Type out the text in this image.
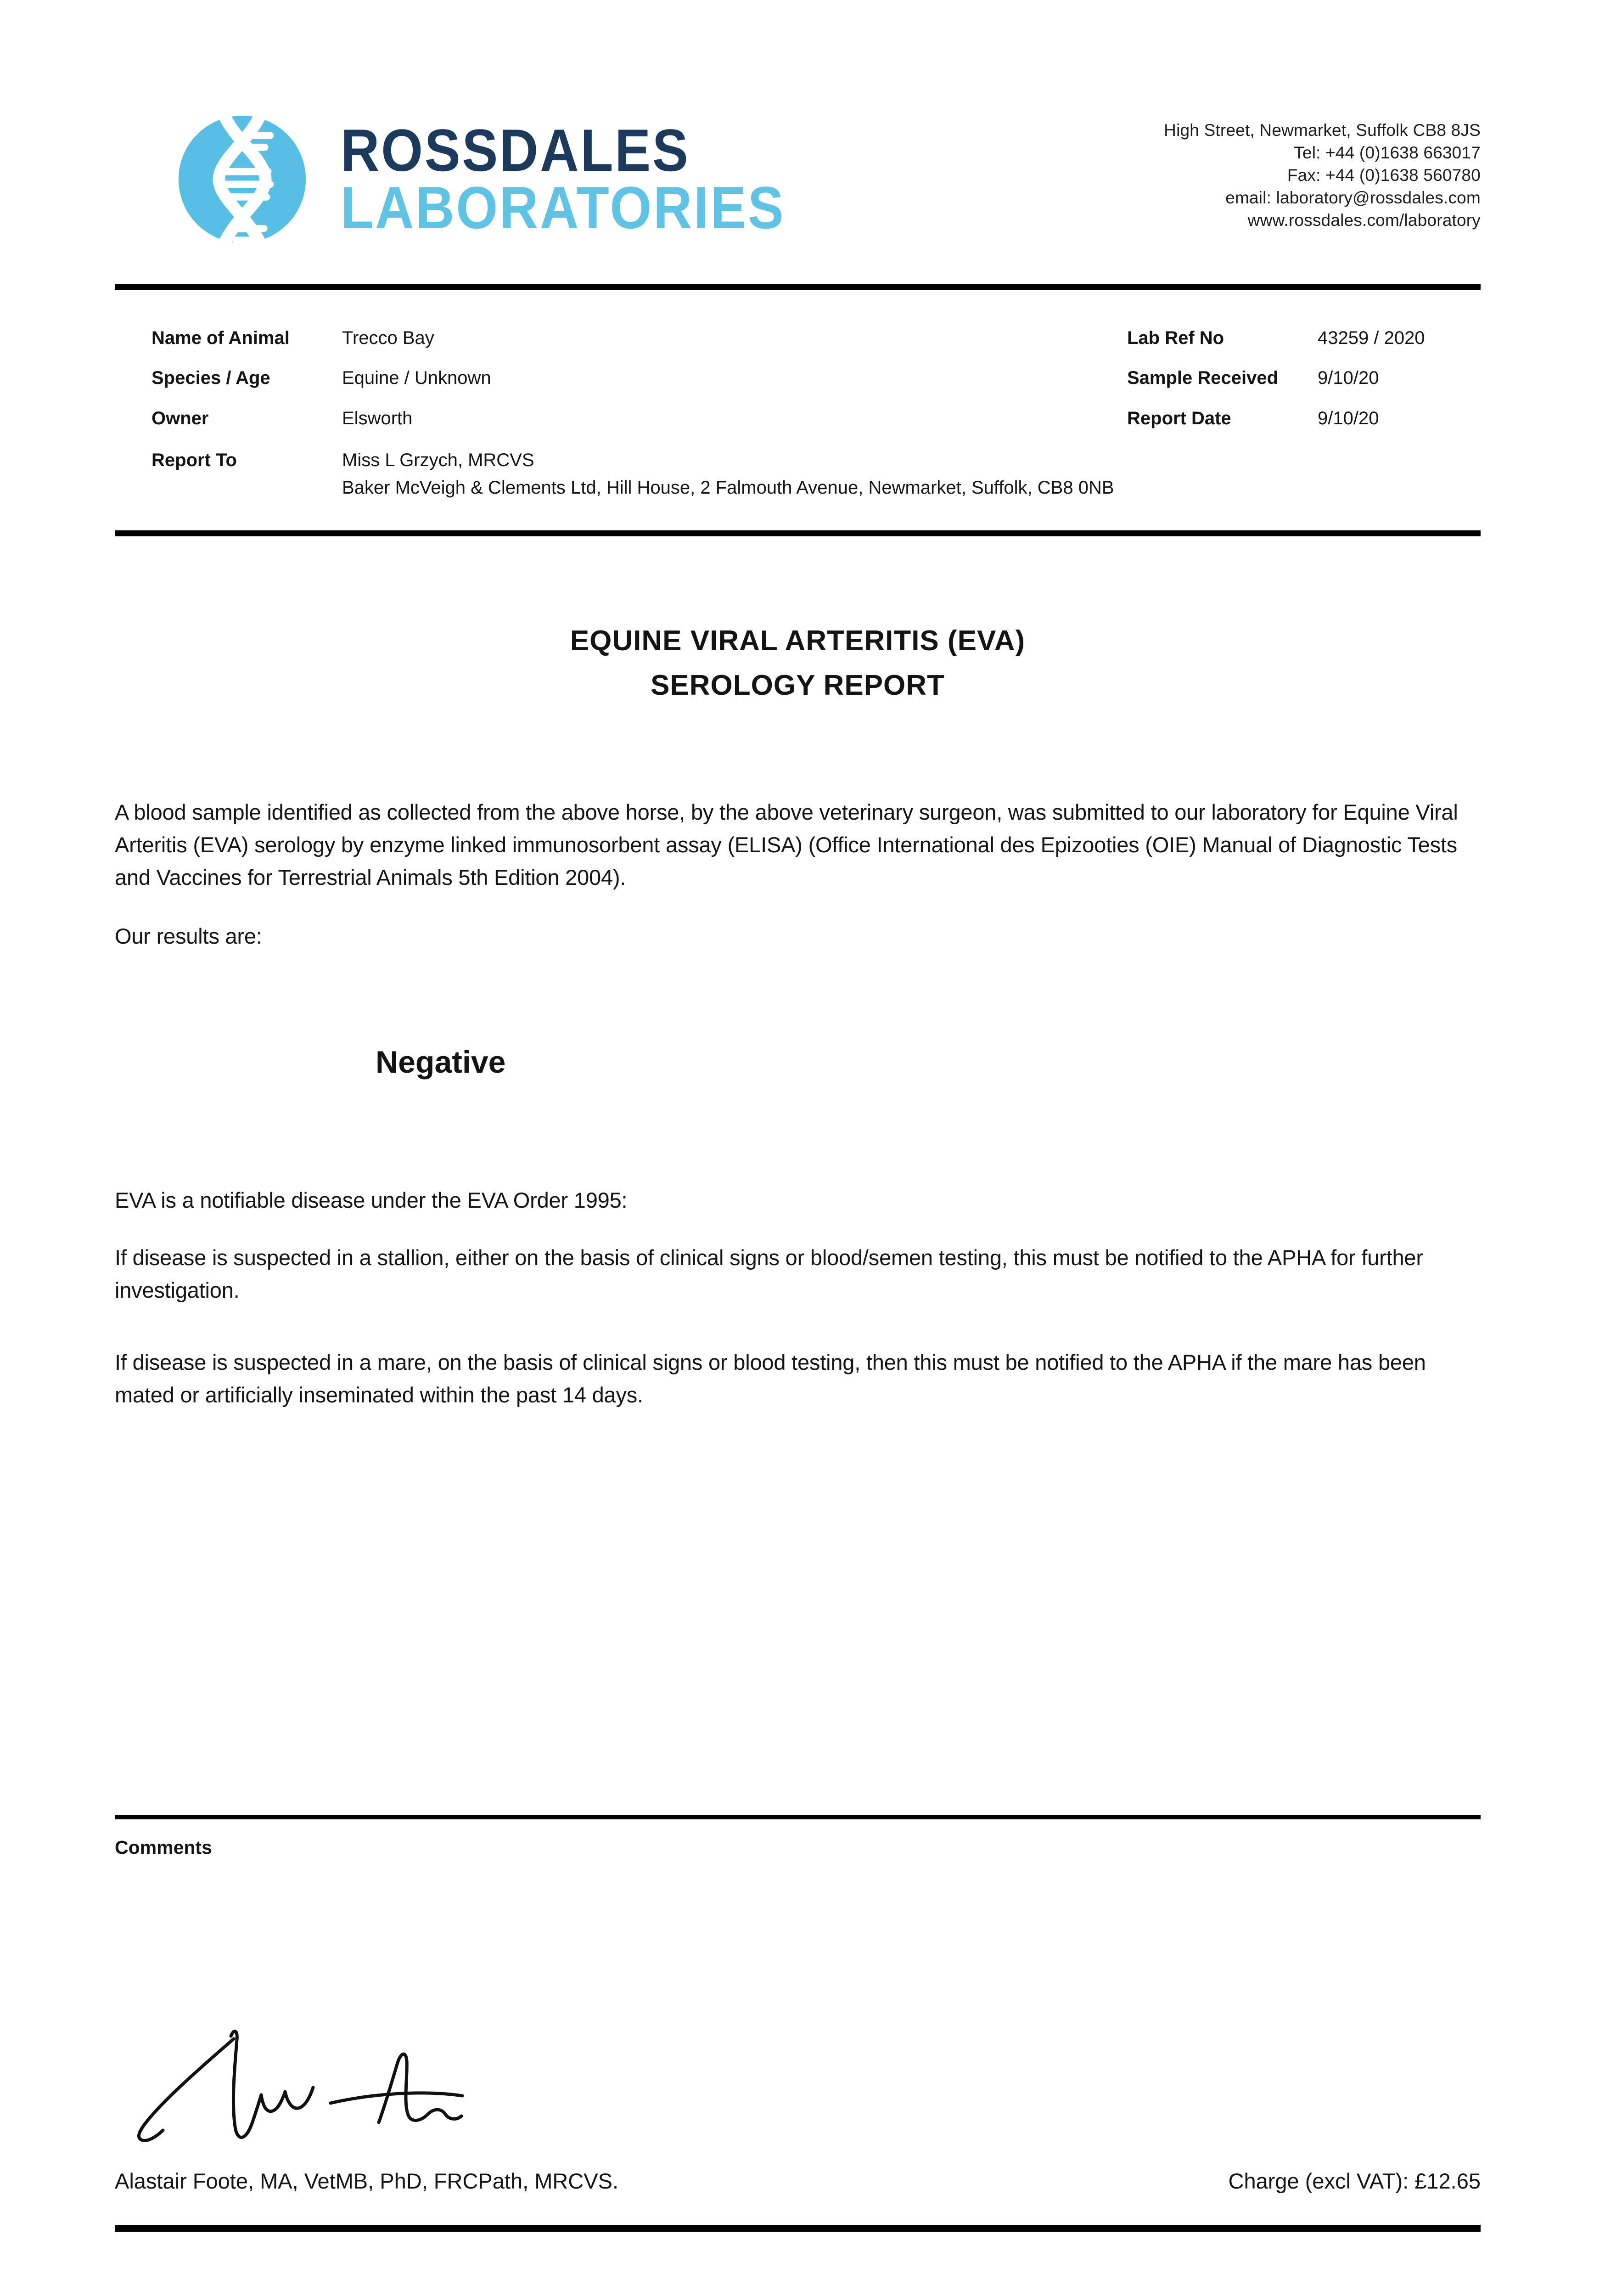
ROSSDALES
LABORATORIES
High Street, Newmarket, Suffolk CB8 8JS
Tel: +44 (0)1638 663017
Fax: +44 (0)1638 560780
email: laboratory@rossdales.com
www.rossdales.com/laboratory
Name of Animal	Trecco Bay
Species / Age	Equine / Unknown
Owner	Elsworth
Report To	Miss L Grzych, MRCVS
Baker McVeigh & Clements Ltd, Hill House, 2 Falmouth Avenue, Newmarket, Suffolk, CB8 0NB
Lab Ref No	43259 / 2020
Sample Received 9/10/20
Report Date	9/10/20
EQUINE VIRAL ARTERITIS (EVA)
SEROLOGY REPORT
A blood sample identified as collected from the above horse, by the above veterinary surgeon, was submitted to our laboratory for Equine Viral Arteritis (EVA) serology by enzyme linked immunosorbent assay (ELISA) (Office International des Epizooties (OIE) Manual of Diagnostic Tests and Vaccines for Terrestrial Animals 5th Edition 2004).
Our results are:
Negative
EVA is a notifiable disease under the EVA Order 1995:
If disease is suspected in a stallion, either on the basis of clinical signs or blood/semen testing, this must be notified to the APHA for further investigation.
If disease is suspected in a mare, on the basis of clinical signs or blood testing, then this must be notified to the APHA if the mare has been mated or artificially inseminated within the past 14 days.
Comments
Alastair Foote, MA, VetMB, PhD, FRCPath, MRCVS.	Charge (excl VAT): £12.65
